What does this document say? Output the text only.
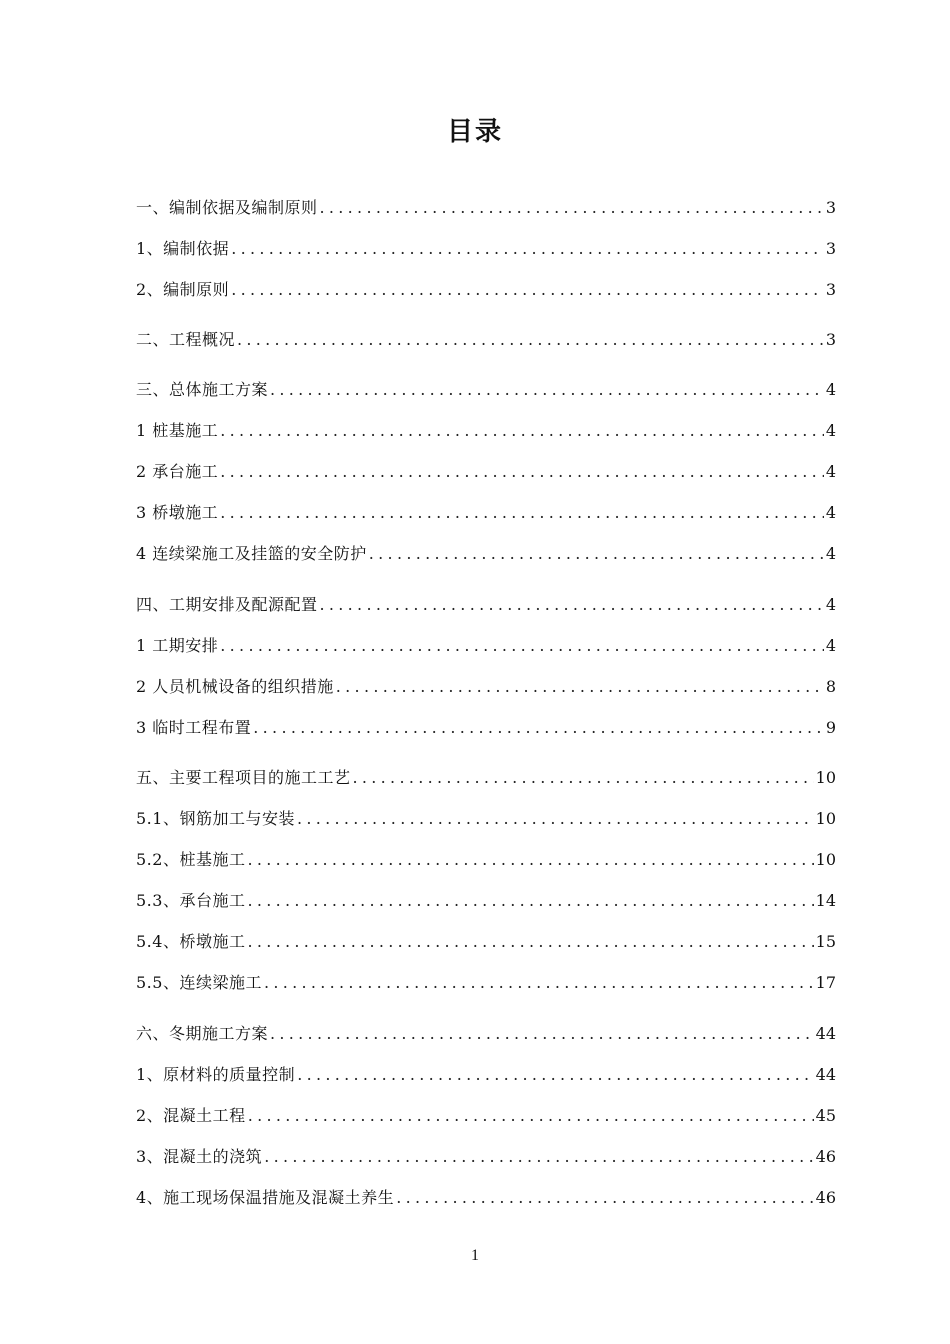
目录
一、编制依据及编制原则 .....	3
1、编制依据 .....	3
2、编制原则 .....	3
二、工程概况 .....	3
三、总体施工方案 .....	4
1 桩基施工 .....	4
2 承台施工 .....	4
3 桥墩施工 .....	4
4 连续梁施工及挂篮的安全防护 .....	4
四、工期安排及配源配置 .....	4
1 工期安排 .....	4
2 人员机械设备的组织措施 .....	8
3 临时工程布置 .....	9
五、主要工程项目的施工工艺 .....	10
5.1、钢筋加工与安装 .....	10
5.2、桩基施工 .....	10
5.3、承台施工 .....	14
5.4、桥墩施工 .....	15
5.5、连续梁施工 .....	17
六、冬期施工方案 .....	44
1、原材料的质量控制 .....	44
2、混凝土工程 .....	45
3、混凝土的浇筑 .....	46
4、施工现场保温措施及混凝土养生 .....	46
1
